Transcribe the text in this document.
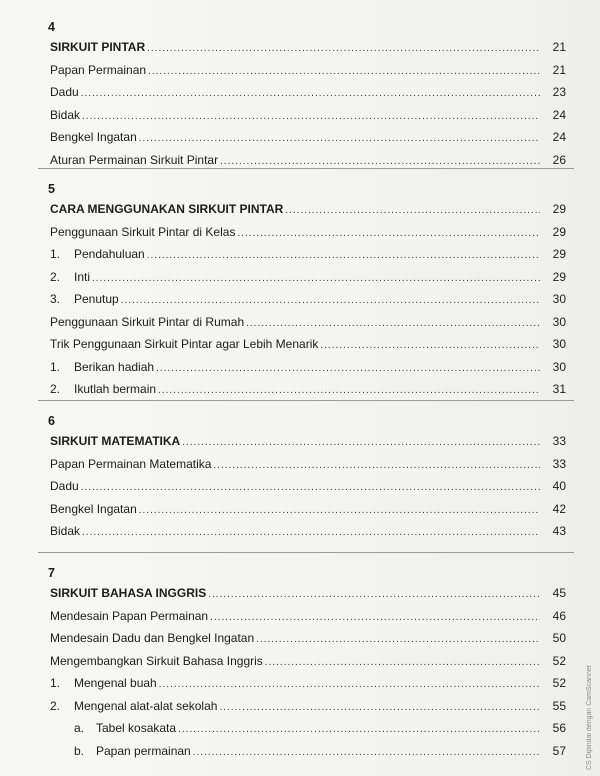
4
SIRKUIT PINTAR .....	21
Papan Permainan .....	21
Dadu .....	23
Bidak .....	24
Bengkel Ingatan .....	24
Aturan Permainan Sirkuit Pintar .....	26
5
CARA MENGGUNAKAN SIRKUIT PINTAR .....	29
Penggunaan Sirkuit Pintar di Kelas .....	29
1.	Pendahuluan .....	29
2.	Inti .....	29
3.	Penutup .....	30
Penggunaan Sirkuit Pintar di Rumah .....	30
Trik Penggunaan Sirkuit Pintar agar Lebih Menarik .....	30
1.	Berikan hadiah .....	30
2.	Ikutlah bermain .....	31
6
SIRKUIT MATEMATIKA .....	33
Papan Permainan Matematika .....	33
Dadu .....	40
Bengkel Ingatan .....	42
Bidak .....	43
7
SIRKUIT BAHASA INGGRIS .....	45
Mendesain Papan Permainan .....	46
Mendesain Dadu dan Bengkel Ingatan .....	50
Mengembangkan Sirkuit Bahasa Inggris .....	52
1.	Mengenal buah .....	52
2.	Mengenal alat-alat sekolah .....	55
a. Tabel kosakata .....	56
b. Papan permainan .....	57	CS Dipindai dengan CamScanner
